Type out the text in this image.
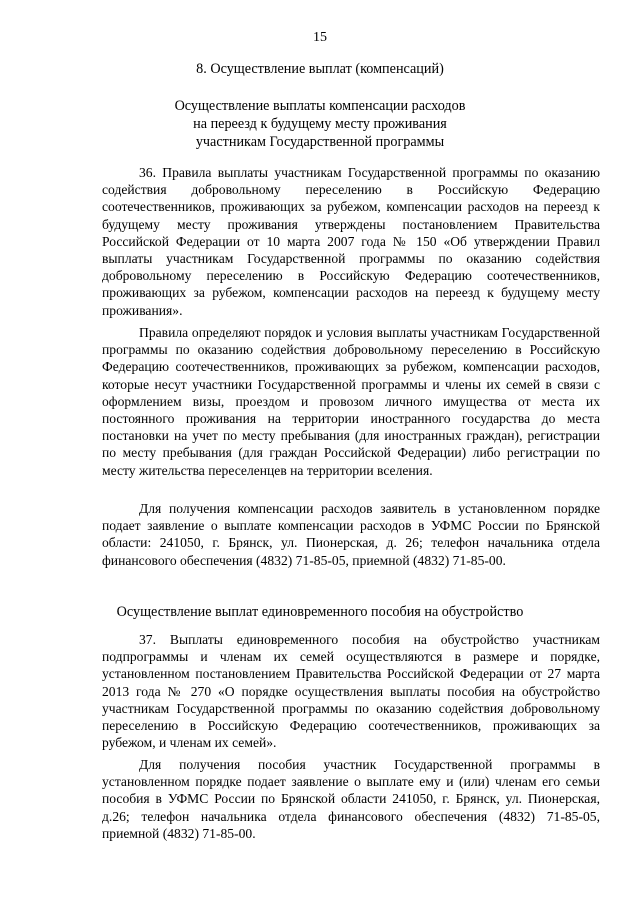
15
8. Осуществление выплат (компенсаций)
Осуществление выплаты компенсации расходов
на переезд к будущему месту проживания
участникам Государственной программы

36. Правила выплаты участникам Государственной программы по оказанию содействия добровольному переселению в Российскую Федерацию соотечественников, проживающих за рубежом, компенсации расходов на переезд к будущему месту проживания утверждены постановлением Правительства Российской Федерации от 10 марта 2007 года № 150 «Об утверждении Правил выплаты участникам Государственной программы по оказанию содействия добровольному переселению в Российскую Федерацию соотечественников, проживающих за рубежом, компенсации расходов на переезд к будущему месту проживания».

Правила определяют порядок и условия выплаты участникам Государственной программы по оказанию содействия добровольному переселению в Российскую Федерацию соотечественников, проживающих за рубежом, компенсации расходов, которые несут участники Государственной программы и члены их семей в связи с оформлением визы, проездом и провозом личного имущества от места их постоянного проживания на территории иностранного государства до места постановки на учет по месту пребывания (для иностранных граждан), регистрации по месту пребывания (для граждан Российской Федерации) либо регистрации по месту жительства переселенцев на территории вселения.

Для получения компенсации расходов заявитель в установленном порядке подает заявление о выплате компенсации расходов в УФМС России по Брянской области: 241050, г. Брянск, ул. Пионерская, д. 26; телефон начальника отдела финансового обеспечения (4832) 71-85-05, приемной (4832) 71-85-00.

Осуществление выплат единовременного пособия на обустройство

37. Выплаты единовременного пособия на обустройство участникам подпрограммы и членам их семей осуществляются в размере и порядке, установленном постановлением Правительства Российской Федерации от 27 марта 2013 года № 270 «О порядке осуществления выплаты пособия на обустройство участникам Государственной программы по оказанию содействия добровольному переселению в Российскую Федерацию соотечественников, проживающих за рубежом, и членам их семей».

Для получения пособия участник Государственной программы в установленном порядке подает заявление о выплате ему и (или) членам его семьи пособия в УФМС России по Брянской области 241050, г. Брянск, ул. Пионерская, д.26; телефон начальника отдела финансового обеспечения (4832) 71-85-05, приемной (4832) 71-85-00.
